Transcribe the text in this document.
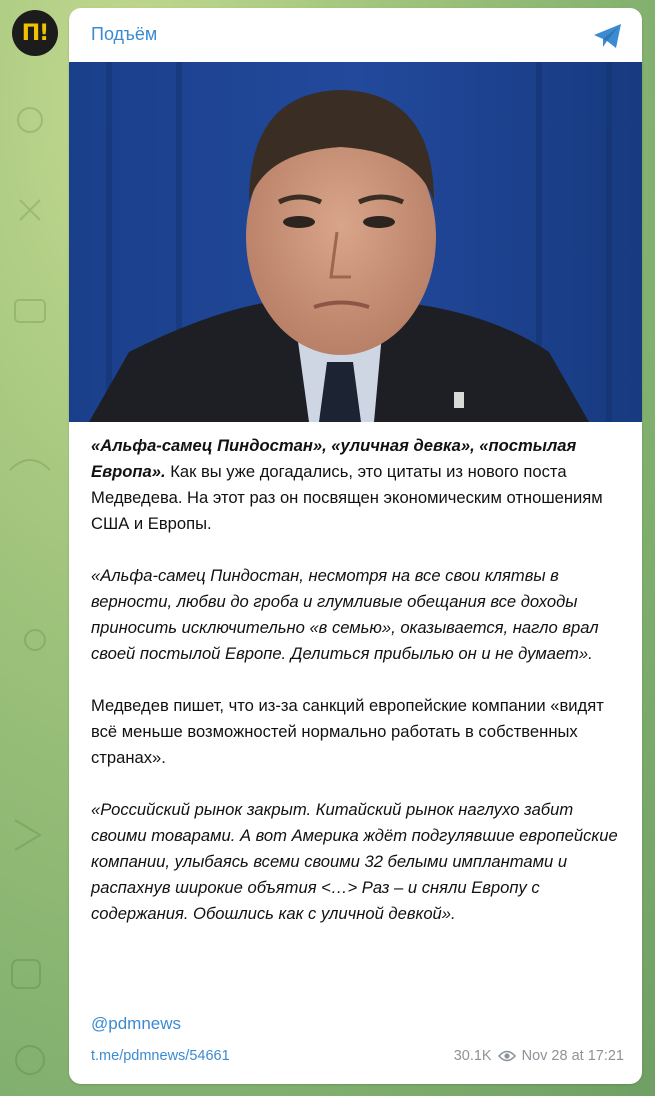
П!	Подъём

«Альфа-самец Пиндостан», «уличная девка», «постылая Европа». Как вы уже догадались, это цитаты из нового поста Медведева. На этот раз он посвящен экономическим отношениям США и Европы.

«Альфа-самец Пиндостан, несмотря на все свои клятвы в верности, любви до гроба и глумливые обещания все доходы приносить исключительно «в семью», оказывается, нагло врал своей постылой Европе. Делиться прибылью он и не думает».

Медведев пишет, что из-за санкций европейские компании «видят всё меньше возможностей нормально работать в собственных странах».

«Российский рынок закрыт. Китайский рынок наглухо забит своими товарами. А вот Америка ждёт подгулявшие европейские компании, улыбаясь всеми своими 32 белыми имплантами и распахнув широкие объятия <…> Раз – и сняли Европу с содержания. Обошлись как с уличной девкой».

@pdmnews
t.me/pdmnews/54661	30.1K Nov 28 at 17:21
